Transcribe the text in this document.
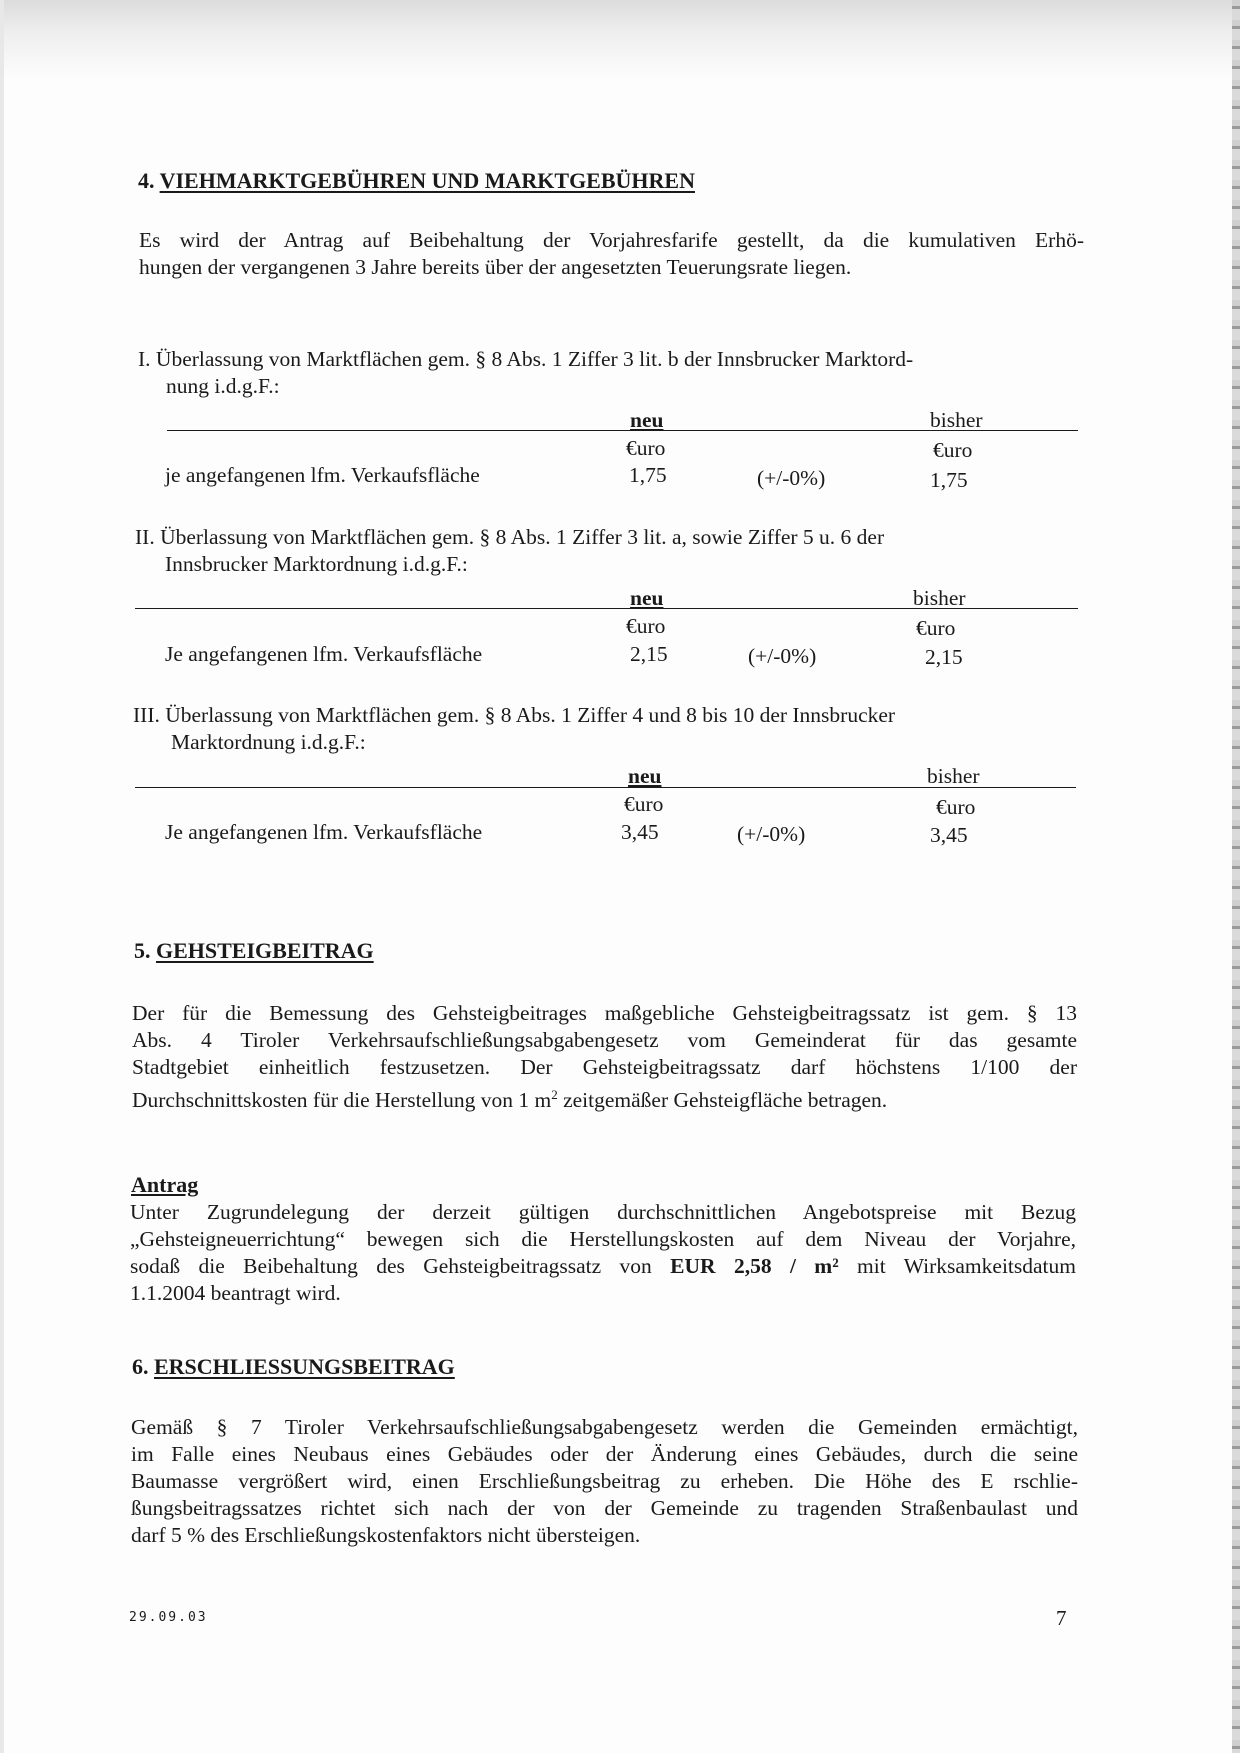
4. VIEHMARKTGEBÜHREN UND MARKTGEBÜHREN

Es wird der Antrag auf Beibehaltung der Vorjahresfarife gestellt, da die kumulativen Erhö-

hungen der vergangenen 3 Jahre bereits über der angesetzten Teuerungsrate liegen.

I. Überlassung von Marktflächen gem. § 8 Abs. 1 Ziffer 3 lit. b der Innsbrucker Marktord-
nung i.d.g.F.:
neu	bisher
€uro	€uro
je angefangenen lfm. Verkaufsfläche	1,75	(+/-0%)	1,75
II. Überlassung von Marktflächen gem. § 8 Abs. 1 Ziffer 3 lit. a, sowie Ziffer 5 u. 6 der
Innsbrucker Marktordnung i.d.g.F.:
neu	bisher
€uro	€uro
Je angefangenen lfm. Verkaufsfläche	2,15	(+/-0%)	2,15
III. Überlassung von Marktflächen gem. § 8 Abs. 1 Ziffer 4 und 8 bis 10 der Innsbrucker
Marktordnung i.d.g.F.:
neu	bisher
€uro	€uro
Je angefangenen lfm. Verkaufsfläche	3,45	(+/-0%)	3,45
5. GEHSTEIGBEITRAG

Der für die Bemessung des Gehsteigbeitrages maßgebliche Gehsteigbeitragssatz ist gem. § 13

Abs. 4 Tiroler Verkehrsaufschließungsabgabengesetz vom Gemeinderat für das gesamte

Stadtgebiet einheitlich festzusetzen. Der Gehsteigbeitragssatz darf höchstens 1/100 der

Durchschnittskosten für die Herstellung von 1 $m^2$ zeitgemäßer Gehsteigfläche betragen.

Antrag

Unter Zugrundelegung der derzeit gültigen durchschnittlichen Angebotspreise mit Bezug

„Gehsteigneuerrichtung“ bewegen sich die Herstellungskosten auf dem Niveau der Vorjahre,

sodaß die Beibehaltung des Gehsteigbeitragssatz von EUR 2,58 / m² mit Wirksamkeitsdatum

1.1.2004 beantragt wird.

6. ERSCHLIESSUNGSBEITRAG

Gemäß § 7 Tiroler Verkehrsaufschließungsabgabengesetz werden die Gemeinden ermächtigt,

im Falle eines Neubaus eines Gebäudes oder der Änderung eines Gebäudes, durch die seine

Baumasse vergrößert wird, einen Erschließungsbeitrag zu erheben. Die Höhe des E rschlie-

ßungsbeitragssatzes richtet sich nach der von der Gemeinde zu tragenden Straßenbaulast und

darf 5 % des Erschließungskostenfaktors nicht übersteigen.

29.09.03	7
